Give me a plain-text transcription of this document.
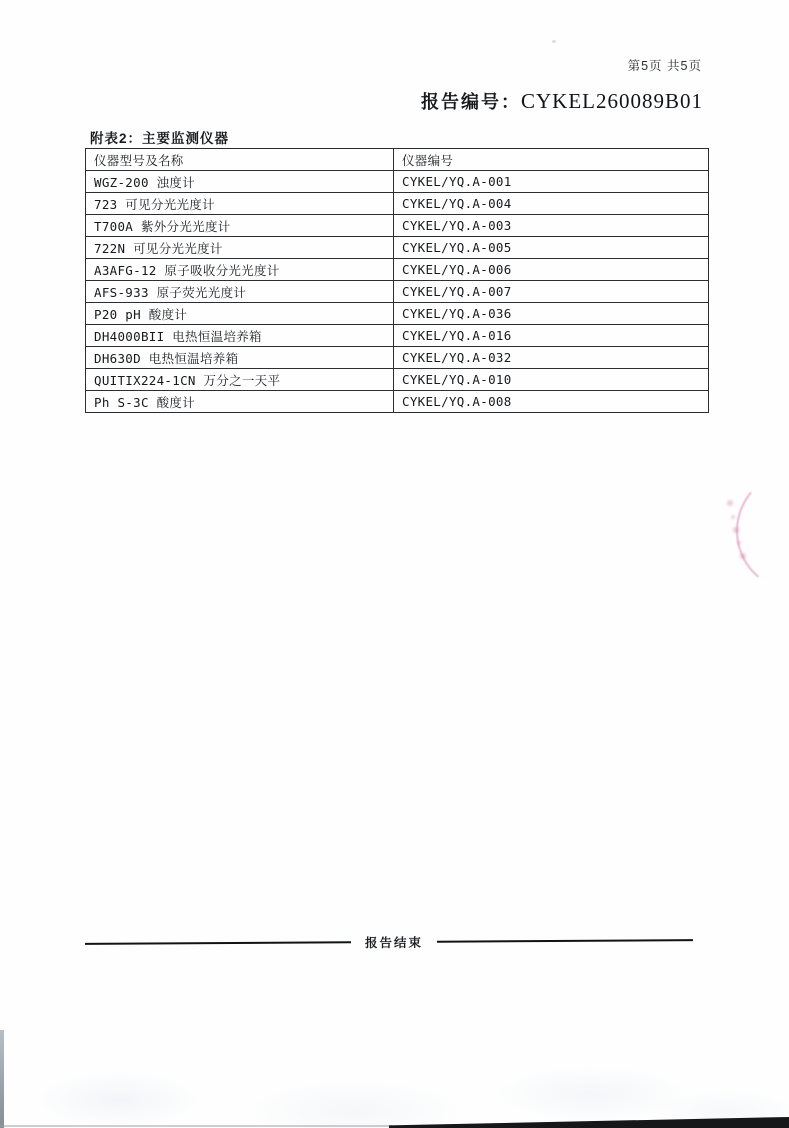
第5页 共5页
报告编号：CYKEL260089B01
附表2：主要监测仪器
仪器型号及名称	仪器编号
WGZ-200 浊度计	CYKEL/YQ.A-001
723 可见分光光度计	CYKEL/YQ.A-004
T700A 紫外分光光度计	CYKEL/YQ.A-003
722N 可见分光光度计	CYKEL/YQ.A-005
A3AFG-12 原子吸收分光光度计	CYKEL/YQ.A-006
AFS-933 原子荧光光度计	CYKEL/YQ.A-007
P20 pH 酸度计	CYKEL/YQ.A-036
DH4000BII 电热恒温培养箱	CYKEL/YQ.A-016
DH630D 电热恒温培养箱	CYKEL/YQ.A-032
QUITIX224-1CN 万分之一天平	CYKEL/YQ.A-010
Ph S-3C 酸度计	CYKEL/YQ.A-008
报告结束
